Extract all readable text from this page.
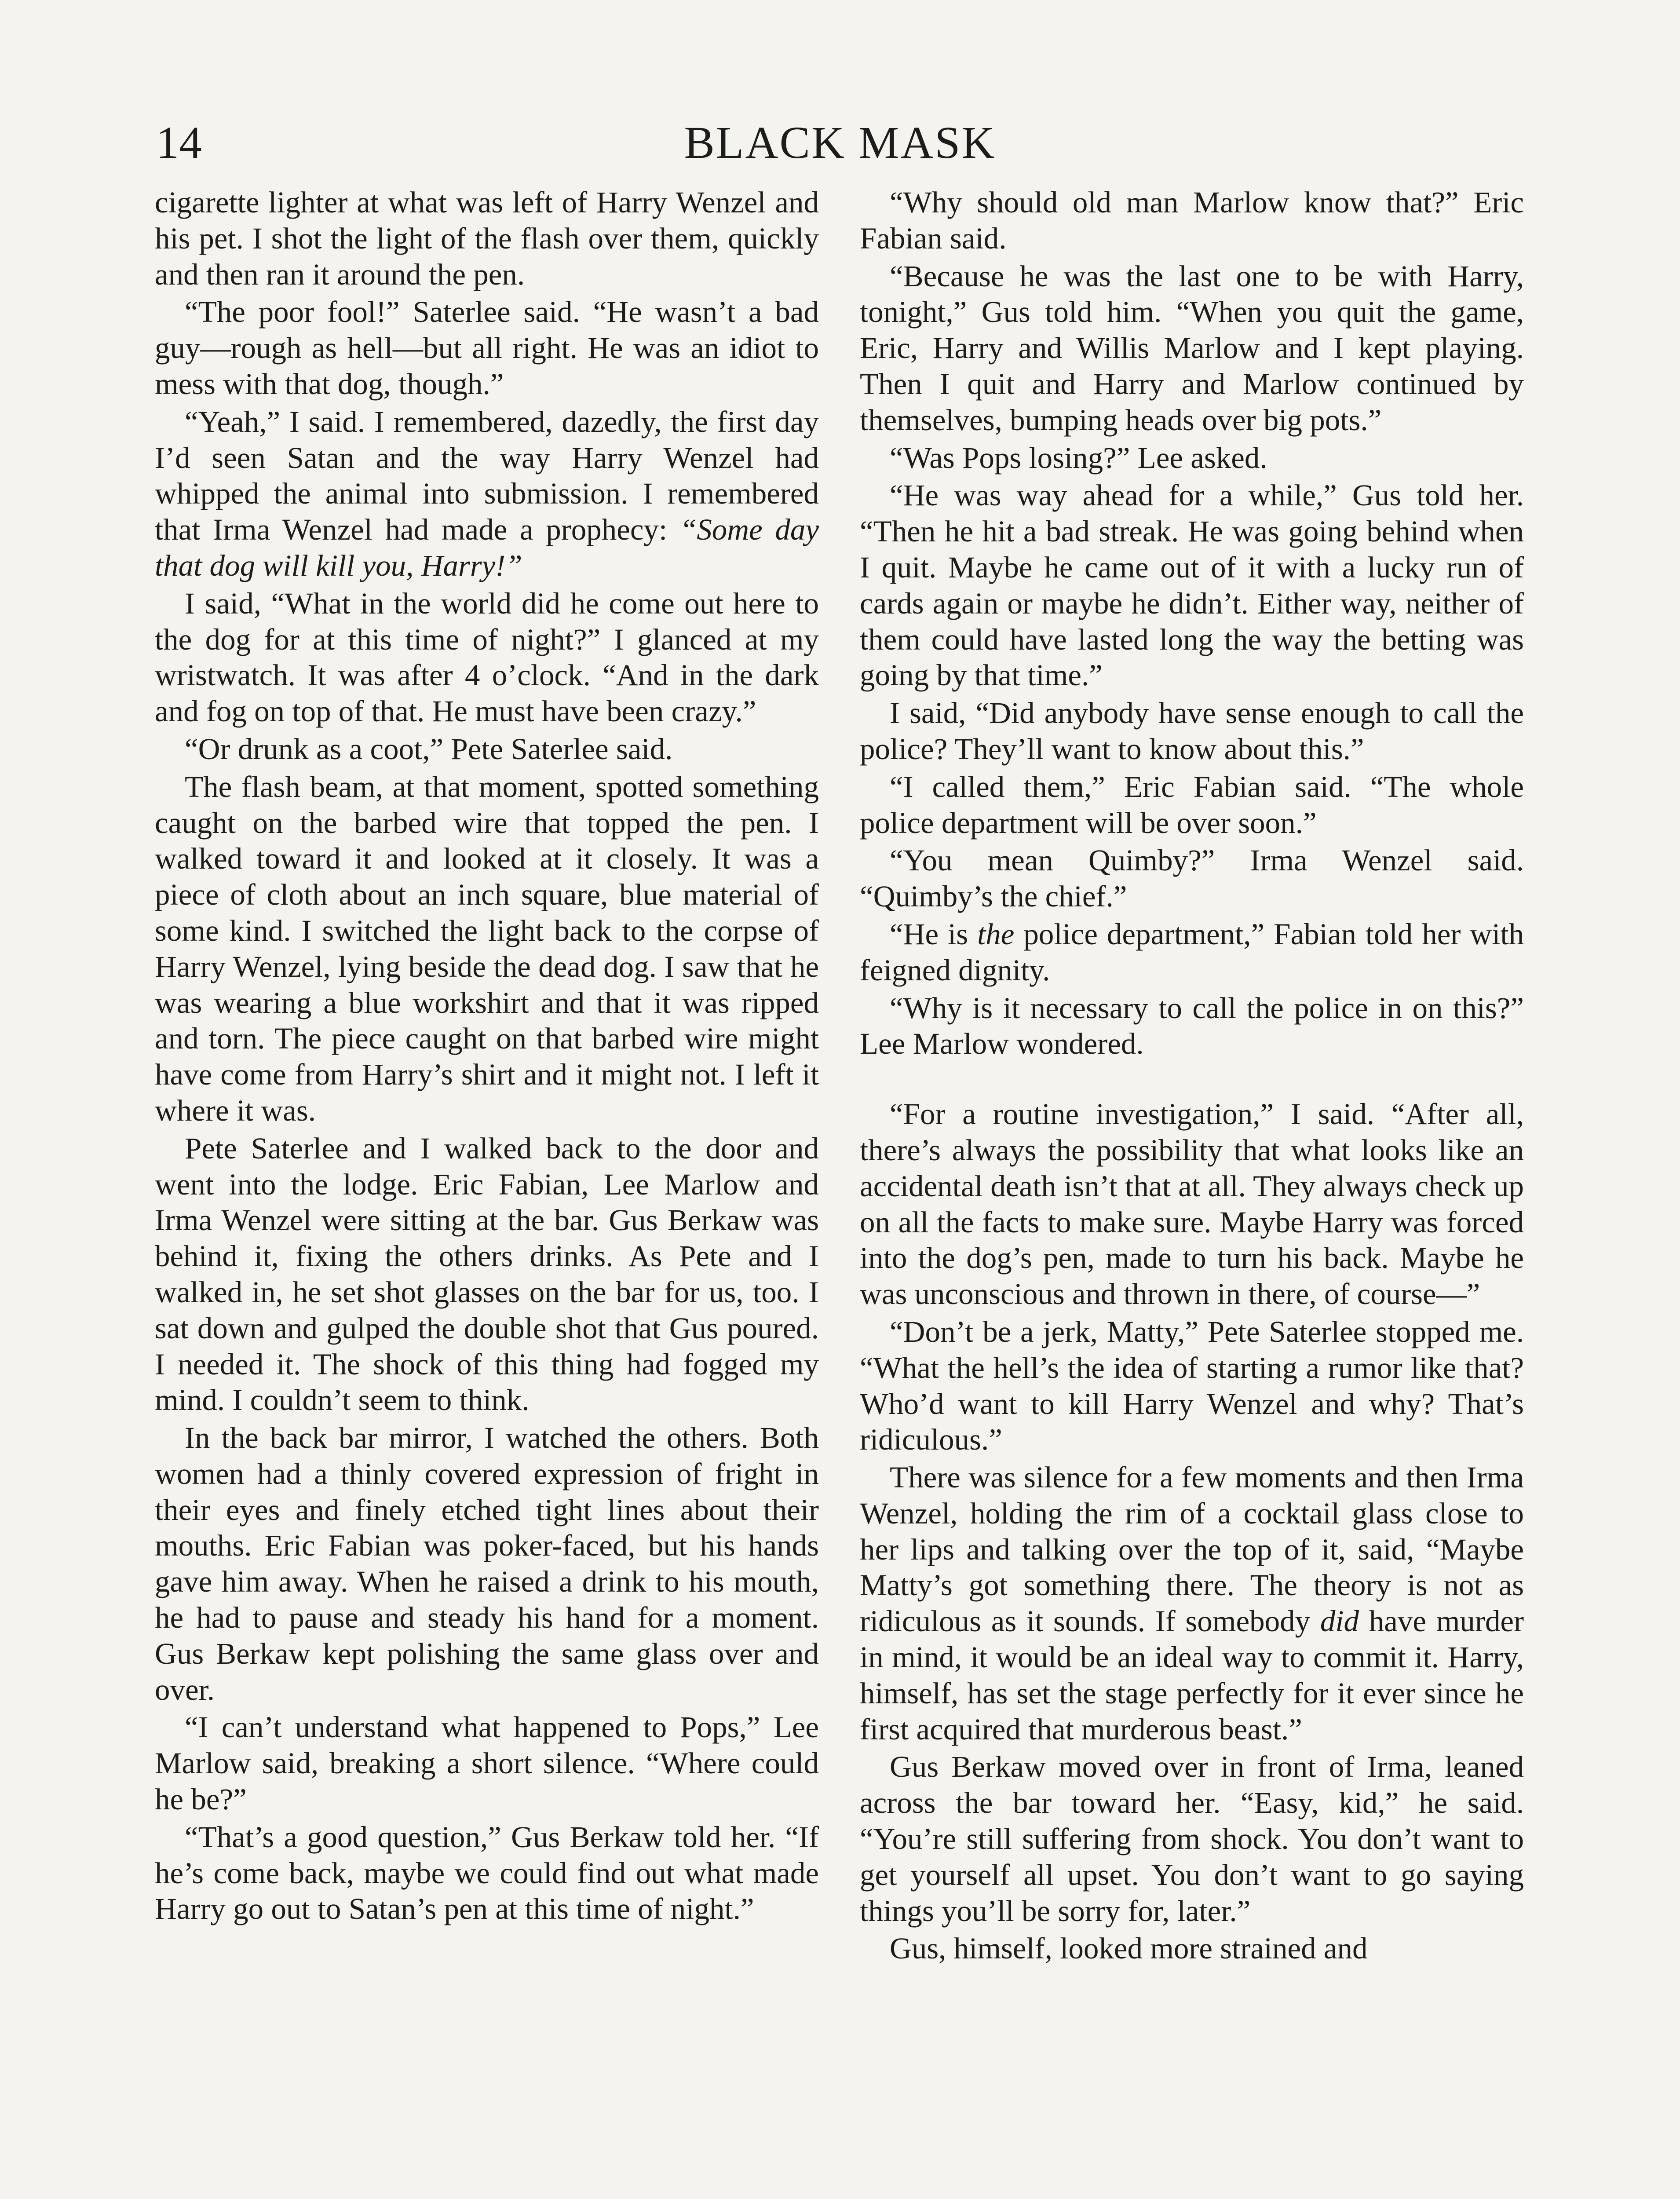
14	BLACK MASK

cigarette lighter at what was left of Harry Wenzel and his pet. I shot the light of the flash over them, quickly and then ran it around the pen.

“The poor fool!” Saterlee said. “He wasn’t a bad guy—rough as hell—but all right. He was an idiot to mess with that dog, though.”

“Yeah,” I said. I remembered, dazedly, the first day I’d seen Satan and the way Harry Wenzel had whipped the animal into submission. I remembered that Irma Wenzel had made a prophecy: “Some day that dog will kill you, Harry!”

I said, “What in the world did he come out here to the dog for at this time of night?” I glanced at my wristwatch. It was after 4 o’clock. “And in the dark and fog on top of that. He must have been crazy.”

“Or drunk as a coot,” Pete Saterlee said.

The flash beam, at that moment, spotted something caught on the barbed wire that topped the pen. I walked toward it and looked at it closely. It was a piece of cloth about an inch square, blue material of some kind. I switched the light back to the corpse of Harry Wenzel, lying beside the dead dog. I saw that he was wearing a blue workshirt and that it was ripped and torn. The piece caught on that barbed wire might have come from Harry’s shirt and it might not. I left it where it was.

Pete Saterlee and I walked back to the door and went into the lodge. Eric Fabian, Lee Marlow and Irma Wenzel were sitting at the bar. Gus Berkaw was behind it, fixing the others drinks. As Pete and I walked in, he set shot glasses on the bar for us, too. I sat down and gulped the double shot that Gus poured. I needed it. The shock of this thing had fogged my mind. I couldn’t seem to think.

In the back bar mirror, I watched the others. Both women had a thinly covered expression of fright in their eyes and finely etched tight lines about their mouths. Eric Fabian was poker-faced, but his hands gave him away. When he raised a drink to his mouth, he had to pause and steady his hand for a moment. Gus Berkaw kept polishing the same glass over and over.

“I can’t understand what happened to Pops,” Lee Marlow said, breaking a short silence. “Where could he be?”

“That’s a good question,” Gus Berkaw told her. “If he’s come back, maybe we could find out what made Harry go out to Satan’s pen at this time of night.”

“Why should old man Marlow know that?” Eric Fabian said.

“Because he was the last one to be with Harry, tonight,” Gus told him. “When you quit the game, Eric, Harry and Willis Marlow and I kept playing. Then I quit and Harry and Marlow continued by themselves, bumping heads over big pots.”

“Was Pops losing?” Lee asked.

“He was way ahead for a while,” Gus told her. “Then he hit a bad streak. He was going behind when I quit. Maybe he came out of it with a lucky run of cards again or maybe he didn’t. Either way, neither of them could have lasted long the way the betting was going by that time.”

I said, “Did anybody have sense enough to call the police? They’ll want to know about this.”

“I called them,” Eric Fabian said. “The whole police department will be over soon.”

“You mean Quimby?” Irma Wenzel said. “Quimby’s the chief.”

“He is the police department,” Fabian told her with feigned dignity.

“Why is it necessary to call the police in on this?” Lee Marlow wondered.

“For a routine investigation,” I said. “After all, there’s always the possibility that what looks like an accidental death isn’t that at all. They always check up on all the facts to make sure. Maybe Harry was forced into the dog’s pen, made to turn his back. Maybe he was unconscious and thrown in there, of course—”

“Don’t be a jerk, Matty,” Pete Saterlee stopped me. “What the hell’s the idea of starting a rumor like that? Who’d want to kill Harry Wenzel and why? That’s ridiculous.”

There was silence for a few moments and then Irma Wenzel, holding the rim of a cocktail glass close to her lips and talking over the top of it, said, “Maybe Matty’s got something there. The theory is not as ridiculous as it sounds. If somebody did have murder in mind, it would be an ideal way to commit it. Harry, himself, has set the stage perfectly for it ever since he first acquired that murderous beast.”

Gus Berkaw moved over in front of Irma, leaned across the bar toward her. “Easy, kid,” he said. “You’re still suffering from shock. You don’t want to get yourself all upset. You don’t want to go saying things you’ll be sorry for, later.”

Gus, himself, looked more strained and
